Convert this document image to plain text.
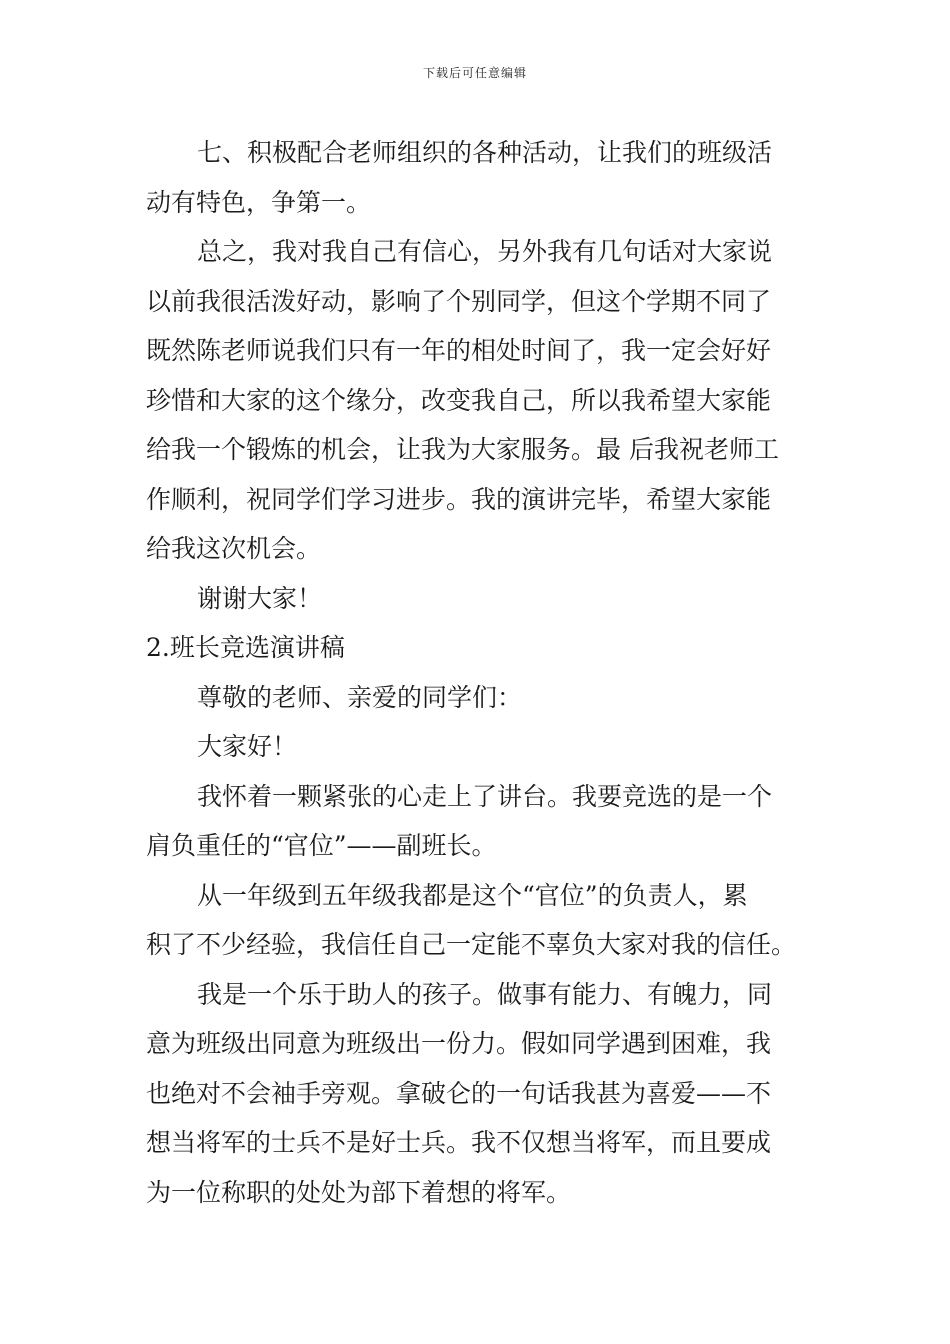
下载后可任意编辑
七、积极配合老师组织的各种活动，让我们的班级活
动有特色，争第一。
总之，我对我自己有信心，另外我有几句话对大家说
以前我很活泼好动，影响了个别同学，但这个学期不同了
既然陈老师说我们只有一年的相处时间了，我一定会好好
珍惜和大家的这个缘分，改变我自己，所以我希望大家能
给我一个锻炼的机会，让我为大家服务。最 后我祝老师工
作顺利，祝同学们学习进步。我的演讲完毕，希望大家能
给我这次机会。
谢谢大家！
2.班长竞选演讲稿
尊敬的老师、亲爱的同学们：
大家好！
我怀着一颗紧张的心走上了讲台。我要竞选的是一个
肩负重任的“官位”——副班长。
从一年级到五年级我都是这个“官位”的负责人，累
积了不少经验，我信任自己一定能不辜负大家对我的信任。
我是一个乐于助人的孩子。做事有能力、有魄力，同
意为班级出同意为班级出一份力。假如同学遇到困难，我
也绝对不会袖手旁观。拿破仑的一句话我甚为喜爱——不
想当将军的士兵不是好士兵。我不仅想当将军，而且要成
为一位称职的处处为部下着想的将军。
